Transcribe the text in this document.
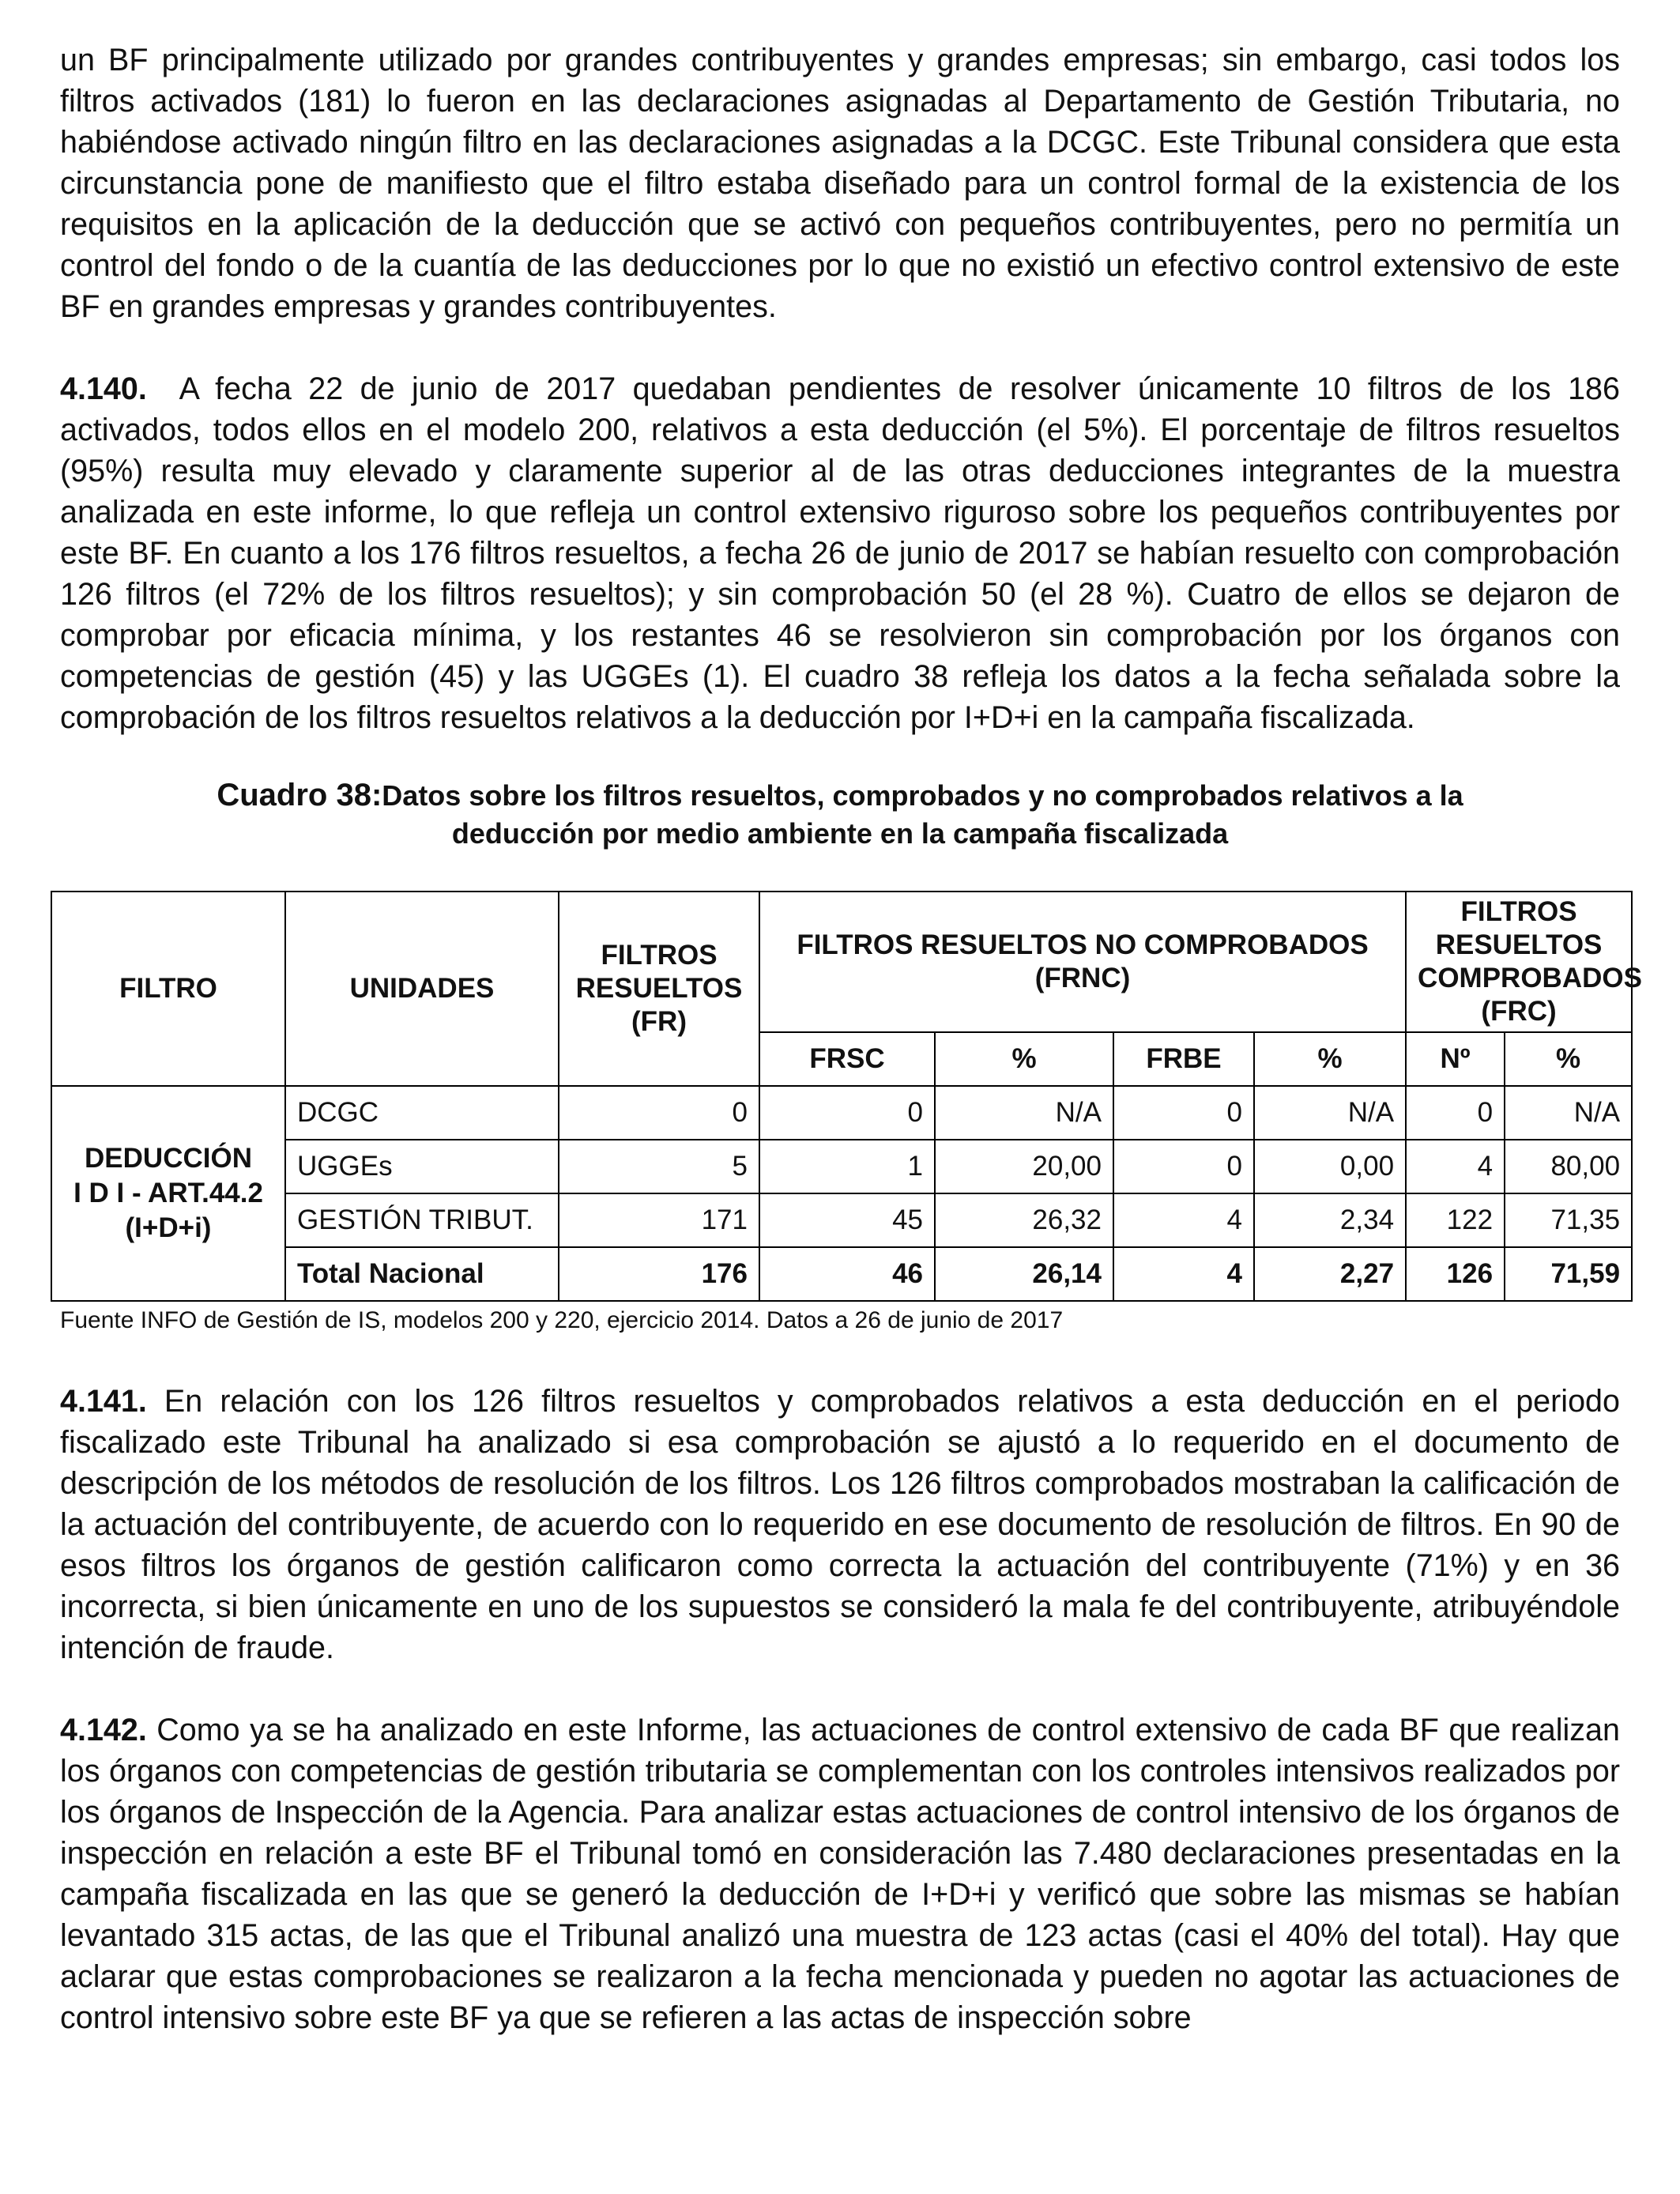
un BF principalmente utilizado por grandes contribuyentes y grandes empresas; sin embargo, casi todos los filtros activados (181) lo fueron en las declaraciones asignadas al Departamento de Gestión Tributaria, no habiéndose activado ningún filtro en las declaraciones asignadas a la DCGC. Este Tribunal considera que esta circunstancia pone de manifiesto que el filtro estaba diseñado para un control formal de la existencia de los requisitos en la aplicación de la deducción que se activó con pequeños contribuyentes, pero no permitía un control del fondo o de la cuantía de las deducciones por lo que no existió un efectivo control extensivo de este BF en grandes empresas y grandes contribuyentes.

4.140. A fecha 22 de junio de 2017 quedaban pendientes de resolver únicamente 10 filtros de los 186 activados, todos ellos en el modelo 200, relativos a esta deducción (el 5%). El porcentaje de filtros resueltos (95%) resulta muy elevado y claramente superior al de las otras deducciones integrantes de la muestra analizada en este informe, lo que refleja un control extensivo riguroso sobre los pequeños contribuyentes por este BF. En cuanto a los 176 filtros resueltos, a fecha 26 de junio de 2017 se habían resuelto con comprobación 126 filtros (el 72% de los filtros resueltos); y sin comprobación 50 (el 28 %). Cuatro de ellos se dejaron de comprobar por eficacia mínima, y los restantes 46 se resolvieron sin comprobación por los órganos con competencias de gestión (45) y las UGGEs (1). El cuadro 38 refleja los datos a la fecha señalada sobre la comprobación de los filtros resueltos relativos a la deducción por I+D+i en la campaña fiscalizada.

Cuadro 38:Datos sobre los filtros resueltos, comprobados y no comprobados relativos a la
deducción por medio ambiente en la campaña fiscalizada
FILTRO	UNIDADES	FILTROS RESUELTOS (FR)	FILTROS RESUELTOS NO COMPROBADOS (FRNC)				FILTROS RESUELTOS COMPROBADOS (FRC)	
			FRSC	%	FRBE	%	Nº	%

DEDUCCIÓN
I D I - ART.44.2
(I+D+i)	DCGC	0	0	N/A	0	N/A	0	N/A
	UGGEs	5	1	20,00	0	0,00	4	80,00
	GESTIÓN TRIBUT.	171	45	26,32	4	2,34	122	71,35
	Total Nacional	176	46	26,14	4	2,27	126	71,59
Fuente INFO de Gestión de IS, modelos 200 y 220, ejercicio 2014. Datos a 26 de junio de 2017

4.141. En relación con los 126 filtros resueltos y comprobados relativos a esta deducción en el periodo fiscalizado este Tribunal ha analizado si esa comprobación se ajustó a lo requerido en el documento de descripción de los métodos de resolución de los filtros. Los 126 filtros comprobados mostraban la calificación de la actuación del contribuyente, de acuerdo con lo requerido en ese documento de resolución de filtros. En 90 de esos filtros los órganos de gestión calificaron como correcta la actuación del contribuyente (71%) y en 36 incorrecta, si bien únicamente en uno de los supuestos se consideró la mala fe del contribuyente, atribuyéndole intención de fraude.

4.142. Como ya se ha analizado en este Informe, las actuaciones de control extensivo de cada BF que realizan los órganos con competencias de gestión tributaria se complementan con los controles intensivos realizados por los órganos de Inspección de la Agencia. Para analizar estas actuaciones de control intensivo de los órganos de inspección en relación a este BF el Tribunal tomó en consideración las 7.480 declaraciones presentadas en la campaña fiscalizada en las que se generó la deducción de I+D+i y verificó que sobre las mismas se habían levantado 315 actas, de las que el Tribunal analizó una muestra de 123 actas (casi el 40% del total). Hay que aclarar que estas comprobaciones se realizaron a la fecha mencionada y pueden no agotar las actuaciones de control intensivo sobre este BF ya que se refieren a las actas de inspección sobre
